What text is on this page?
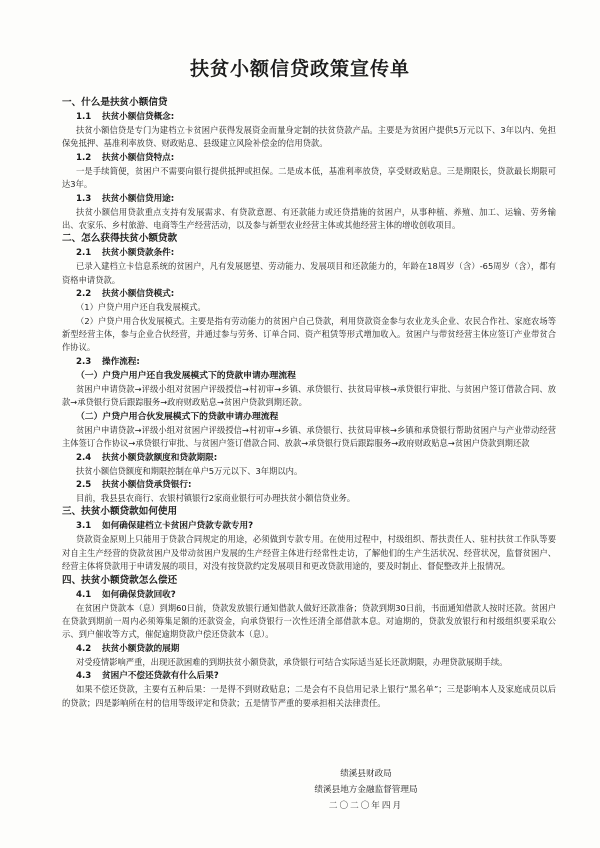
扶贫小额信贷政策宣传单
一、什么是扶贫小额信贷
1.1 扶贫小额信贷概念:

扶贫小额信贷是专门为建档立卡贫困户获得发展资金而量身定制的扶贫贷款产品。主要是为贫困户提供5万元以下、3年以内、免担保免抵押、基准利率放贷、财政贴息、县级建立风险补偿金的信用贷款。

1.2 扶贫小额信贷特点:

一是手续简便，贫困户不需要向银行提供抵押或担保。二是成本低，基准利率放贷，享受财政贴息。三是期限长，贷款最长期限可达3年。

1.3 扶贫小额信贷用途:

扶贫小额信用贷款重点支持有发展需求、有贷款意愿、有还款能力或还贷措施的贫困户，从事种植、养殖、加工、运输、劳务输出、农家乐、乡村旅游、电商等生产经营活动，以及参与新型农业经营主体或其他经营主体的增收创收项目。

二、怎么获得扶贫小额贷款
2.1 扶贫小额贷款条件:

已录入建档立卡信息系统的贫困户，凡有发展愿望、劳动能力、发展项目和还款能力的，年龄在18周岁（含）-65周岁（含），都有资格申请贷款。

2.2 扶贫小额信贷模式:

（1）户贷户用户还自我发展模式。

（2）户贷户用合伙发展模式。主要是指有劳动能力的贫困户自己贷款，利用贷款资金参与农业龙头企业、农民合作社、家庭农场等新型经营主体，参与企业合伙经营，并通过参与劳务、订单合同、资产租赁等形式增加收入。贫困户与带贫经营主体应签订产业带贫合作协议。

2.3 操作流程:
（一）户贷户用户还自我发展模式下的贷款申请办理流程

贫困户申请贷款→评级小组对贫困户评级授信→村初审→乡镇、承贷银行、扶贫局审核→承贷银行审批、与贫困户签订借款合同、放款→承贷银行贷后跟踪服务→政府财政贴息→贫困户贷款到期还款。

（二）户贷户用合伙发展模式下的贷款申请办理流程

贫困户申请贷款→评级小组对贫困户评级授信→村初审→乡镇、承贷银行、扶贫局审核→乡镇和承贷银行帮助贫困户与产业带动经营主体签订合作协议→承贷银行审批、与贫困户签订借款合同、放款→承贷银行贷后跟踪服务→政府财政贴息→贫困户贷款到期还款

2.4 扶贫小额贷款额度和贷款期限:

扶贫小额信贷额度和期限控制在单户5万元以下、3年期以内。

2.5 扶贫小额信贷承贷银行:

目前，我县县农商行、农银村镇银行2家商业银行可办理扶贫小额信贷业务。

三、扶贫小额贷款如何使用
3.1 如何确保建档立卡贫困户贷款专款专用?

贷款资金原则上只能用于贷款合同规定的用途，必须做到专款专用。在使用过程中，村级组织、帮扶责任人、驻村扶贫工作队等要对自主生产经营的贷款贫困户及带动贫困户发展的生产经营主体进行经常性走访，了解他们的生产生活状况、经营状况，监督贫困户、经营主体将贷款用于申请发展的项目，对没有按贷款约定发展项目和更改贷款用途的，要及时制止、督促整改并上报情况。

四、扶贫小额贷款怎么偿还
4.1 如何确保贷款回收?

在贫困户贷款本（息）到期60日前，贷款发放银行通知借款人做好还款准备；贷款到期30日前，书面通知借款人按时还款。贫困户在贷款到期前一周内必须筹集足额的还款资金，向承贷银行一次性还清全部借款本息。对逾期的，贷款发放银行和村级组织要采取公示、到户催收等方式，催促逾期贷款户偿还贷款本（息）。

4.2 扶贫小额贷款的展期

对受疫情影响严重，出现还款困难的到期扶贫小额贷款，承贷银行可结合实际适当延长还款期限，办理贷款展期手续。

4.3 贫困户不偿还贷款有什么后果?

如果不偿还贷款，主要有五种后果：一是得不到财政贴息；二是会有不良信用记录上银行“黑名单”；三是影响本人及家庭成员以后的贷款；四是影响所在村的信用等级评定和贷款；五是情节严重的要承担相关法律责任。

绩溪县财政局
绩溪县地方金融监督管理局
二〇二〇年四月
